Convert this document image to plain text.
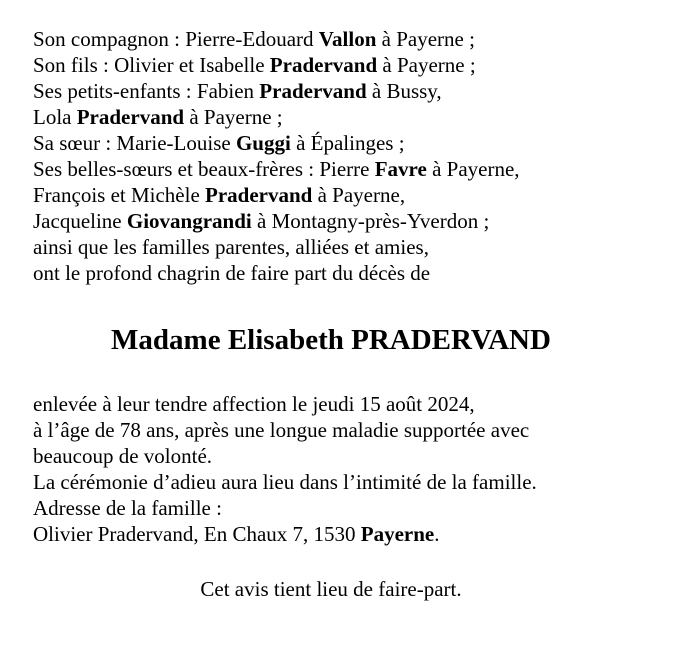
Son compagnon : Pierre-Edouard Vallon à Payerne ;
Son fils : Olivier et Isabelle Pradervand à Payerne ;
Ses petits-enfants : Fabien Pradervand à Bussy,
Lola Pradervand à Payerne ;
Sa sœur : Marie-Louise Guggi à Épalinges ;
Ses belles-sœurs et beaux-frères : Pierre Favre à Payerne,
François et Michèle Pradervand à Payerne,
Jacqueline Giovangrandi à Montagny-près-Yverdon ;
ainsi que les familles parentes, alliées et amies,
ont le profond chagrin de faire part du décès de
Madame Elisabeth PRADERVAND
enlevée à leur tendre affection le jeudi 15 août 2024,
à l’âge de 78 ans, après une longue maladie supportée avec
beaucoup de volonté.
La cérémonie d’adieu aura lieu dans l’intimité de la famille.
Adresse de la famille :
Olivier Pradervand, En Chaux 7, 1530 Payerne.
Cet avis tient lieu de faire-part.
